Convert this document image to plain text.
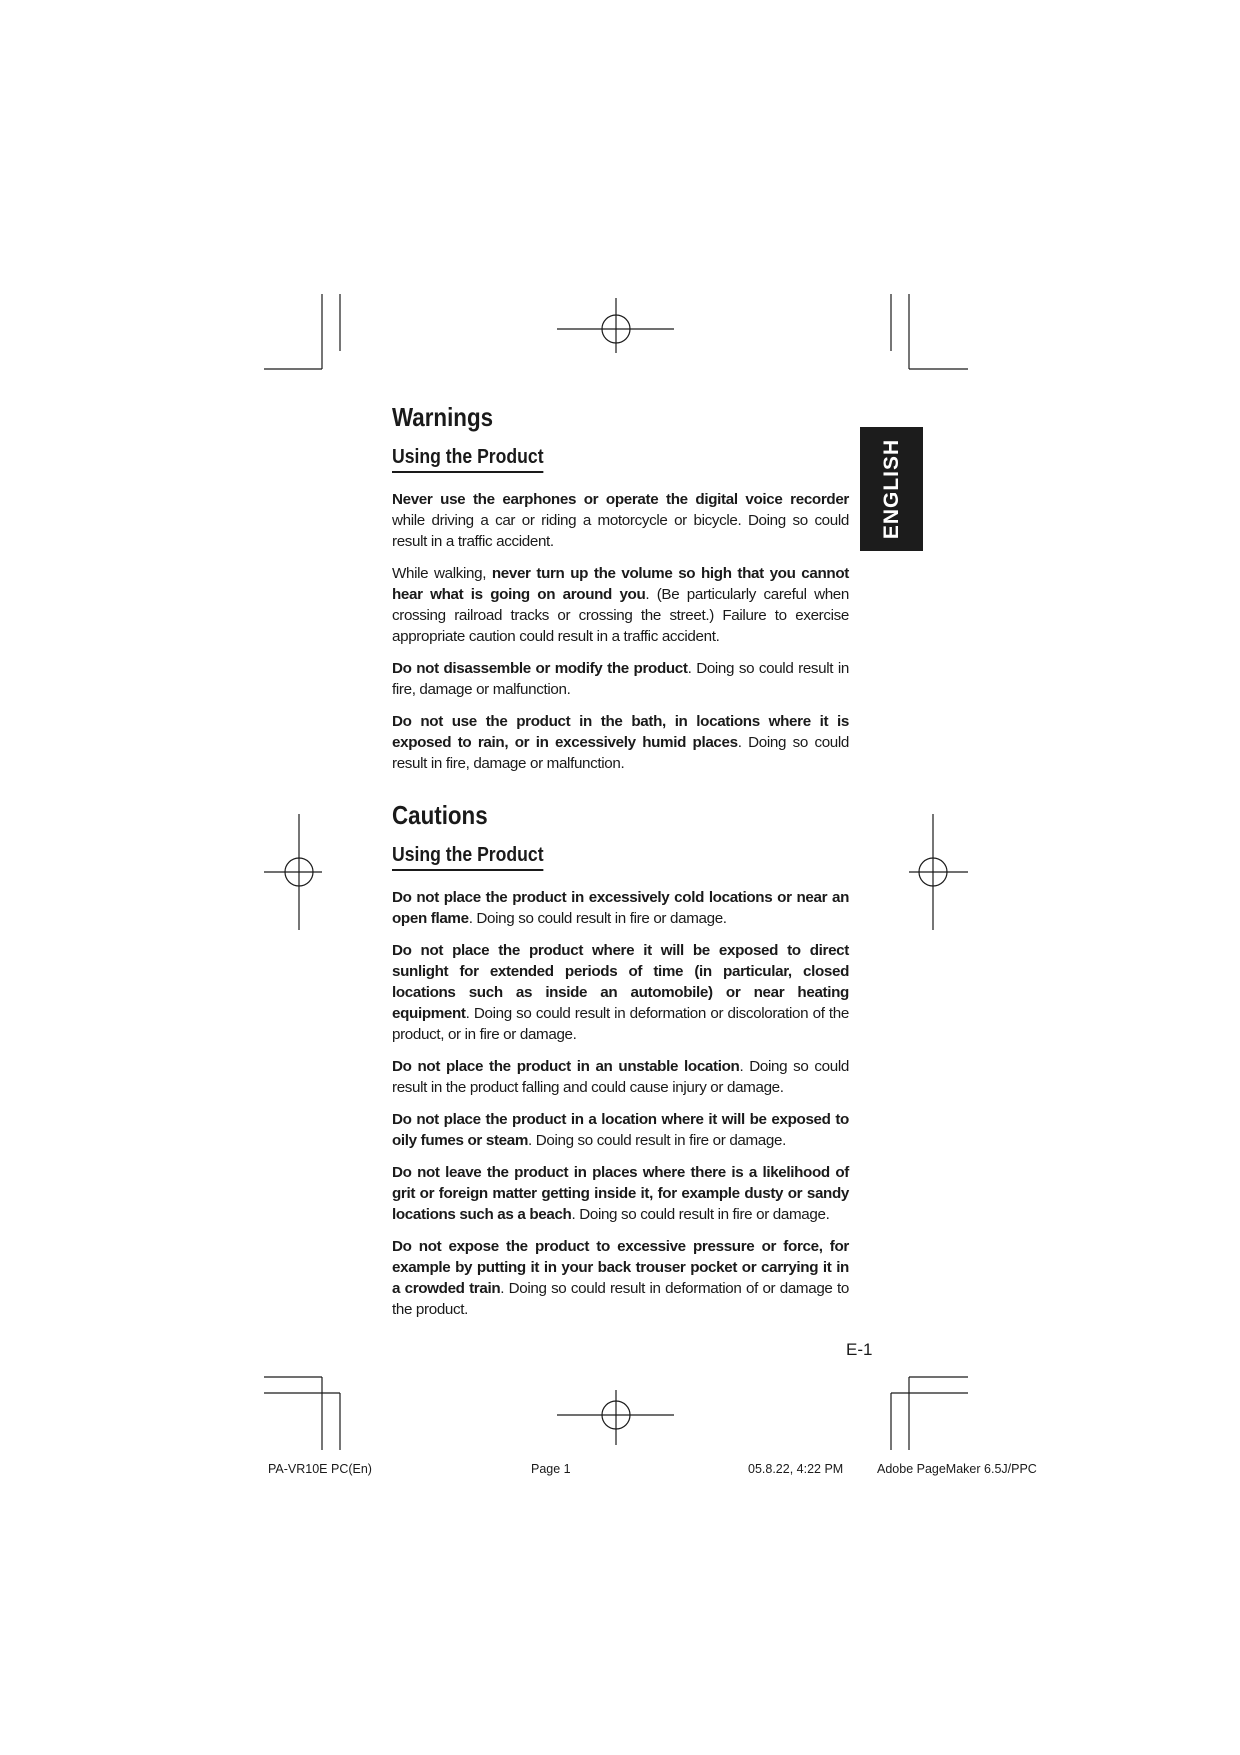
Warnings
Using the Product

Never use the earphones or operate the digital voice recorder while driving a car or riding a motorcycle or bicycle. Doing so could result in a traffic accident.

While walking, never turn up the volume so high that you cannot hear what is going on around you. (Be particularly careful when crossing railroad tracks or crossing the street.) Failure to exercise appropriate caution could result in a traffic accident.

Do not disassemble or modify the product. Doing so could result in fire, damage or malfunction.

Do not use the product in the bath, in locations where it is exposed to rain, or in excessively humid places. Doing so could result in fire, damage or malfunction.

Cautions
Using the Product

Do not place the product in excessively cold locations or near an open flame. Doing so could result in fire or damage.

Do not place the product where it will be exposed to direct sunlight for extended periods of time (in particular, closed locations such as inside an automobile) or near heating equipment. Doing so could result in deformation or discoloration of the product, or in fire or damage.

Do not place the product in an unstable location. Doing so could result in the product falling and could cause injury or damage.

Do not place the product in a location where it will be exposed to oily fumes or steam. Doing so could result in fire or damage.

Do not leave the product in places where there is a likelihood of grit or foreign matter getting inside it, for example dusty or sandy locations such as a beach. Doing so could result in fire or damage.

Do not expose the product to excessive pressure or force, for example by putting it in your back trouser pocket or carrying it in a crowded train. Doing so could result in deformation of or damage to the product.

ENGLISH
E-1
PA-VR10E PC(En)	Page 1	05.8.22, 4:22 PM	Adobe PageMaker 6.5J/PPC
